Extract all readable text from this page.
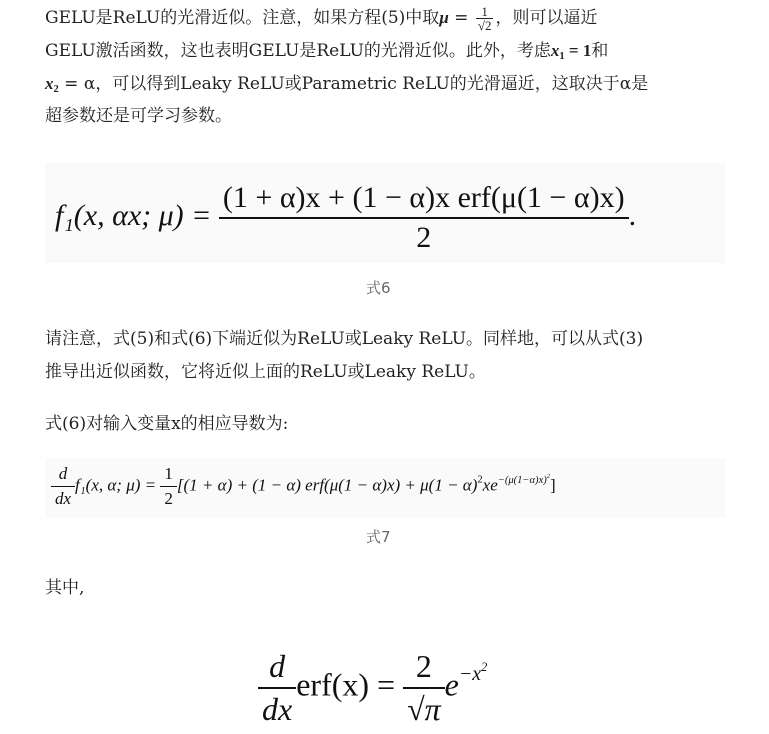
GELU是ReLU的光滑近似。注意，如果方程(5)中取$\mu = \frac{1}{√2}$ ，则可以逼近
GELU激活函数，这也表明GELU是ReLU的光滑近似。此外，考虑$x_1 = 1$和
$x_2 = \alpha$，可以得到Leaky ReLU或Parametric ReLU的光滑逼近，这取决于α是
超参数还是可学习参数。
f₁(x, αx; $\mu) = \frac{\text{(1 + α)x + (1 − α)x erf(μ(1 − α)x)}}{2}$ .
式6
请注意，式(5)和式(6)下端近似为ReLU或Leaky ReLU。同样地，可以从式(3)
推导出近似函数，它将近似上面的ReLU或Leaky ReLU。
式(6)对输入变量x的相应导数为:
$\frac{d}{dx} f_1(x$, α; $\mu) = \frac{1}{2} [(1 + \alpha) + (1 - \alpha) erf(\mu(1 - \alpha)x) + \mu(1 - \alpha)^2xe^{-(\mu(1-\alpha)x)^2}]$
式7
其中,
$\frac{d}{dx} erf(x) = \frac{2}{√\pi} e^{-x^2}$
